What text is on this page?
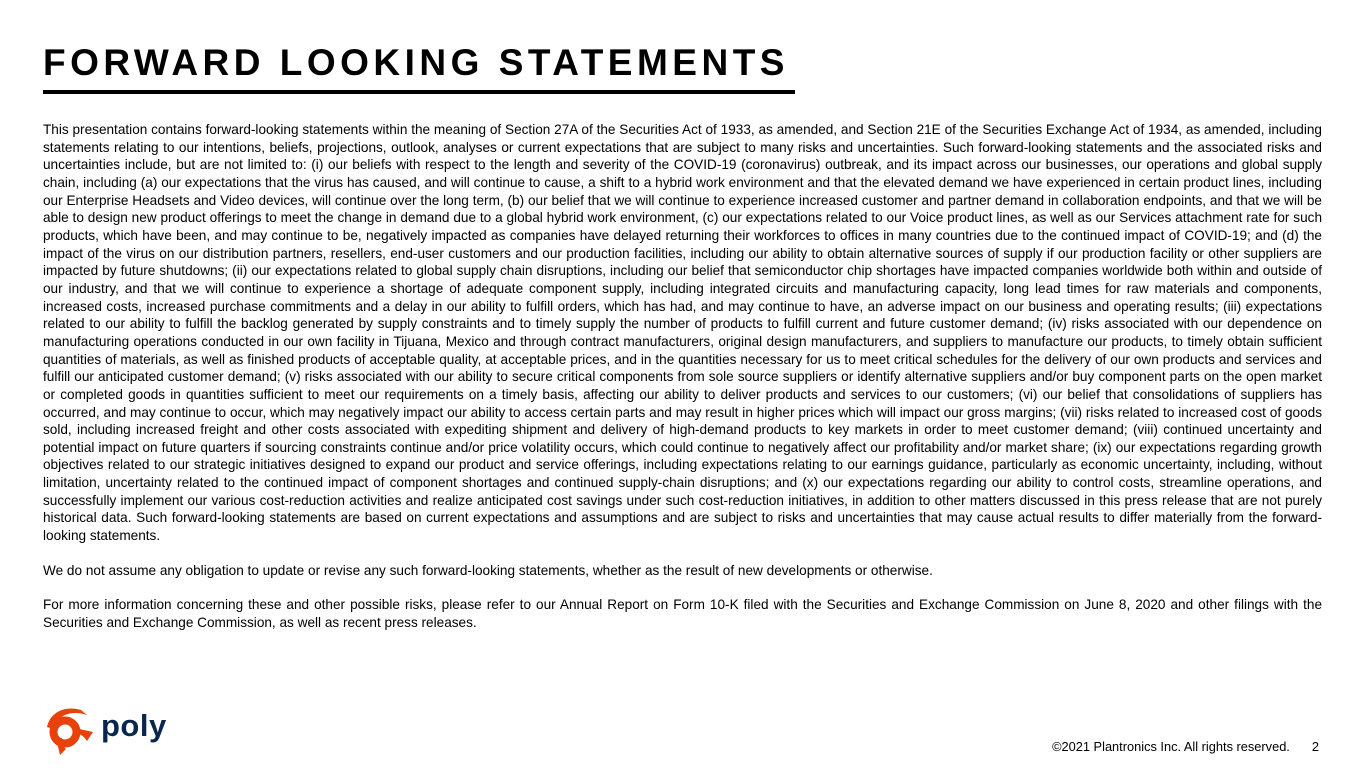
FORWARD LOOKING STATEMENTS

This presentation contains forward-looking statements within the meaning of Section 27A of the Securities Act of 1933, as amended, and Section 21E of the Securities Exchange Act of 1934, as amended, including statements relating to our intentions, beliefs, projections, outlook, analyses or current expectations that are subject to many risks and uncertainties. Such forward-looking statements and the associated risks and uncertainties include, but are not limited to: (i) our beliefs with respect to the length and severity of the COVID-19 (coronavirus) outbreak, and its impact across our businesses, our operations and global supply chain, including (a) our expectations that the virus has caused, and will continue to cause, a shift to a hybrid work environment and that the elevated demand we have experienced in certain product lines, including our Enterprise Headsets and Video devices, will continue over the long term, (b) our belief that we will continue to experience increased customer and partner demand in collaboration endpoints, and that we will be able to design new product offerings to meet the change in demand due to a global hybrid work environment, (c) our expectations related to our Voice product lines, as well as our Services attachment rate for such products, which have been, and may continue to be, negatively impacted as companies have delayed returning their workforces to offices in many countries due to the continued impact of COVID-19; and (d) the impact of the virus on our distribution partners, resellers, end-user customers and our production facilities, including our ability to obtain alternative sources of supply if our production facility or other suppliers are impacted by future shutdowns; (ii) our expectations related to global supply chain disruptions, including our belief that semiconductor chip shortages have impacted companies worldwide both within and outside of our industry, and that we will continue to experience a shortage of adequate component supply, including integrated circuits and manufacturing capacity, long lead times for raw materials and components, increased costs, increased purchase commitments and a delay in our ability to fulfill orders, which has had, and may continue to have, an adverse impact on our business and operating results; (iii) expectations related to our ability to fulfill the backlog generated by supply constraints and to timely supply the number of products to fulfill current and future customer demand; (iv) risks associated with our dependence on manufacturing operations conducted in our own facility in Tijuana, Mexico and through contract manufacturers, original design manufacturers, and suppliers to manufacture our products, to timely obtain sufficient quantities of materials, as well as finished products of acceptable quality, at acceptable prices, and in the quantities necessary for us to meet critical schedules for the delivery of our own products and services and fulfill our anticipated customer demand; (v) risks associated with our ability to secure critical components from sole source suppliers or identify alternative suppliers and/or buy component parts on the open market or completed goods in quantities sufficient to meet our requirements on a timely basis, affecting our ability to deliver products and services to our customers; (vi) our belief that consolidations of suppliers has occurred, and may continue to occur, which may negatively impact our ability to access certain parts and may result in higher prices which will impact our gross margins; (vii) risks related to increased cost of goods sold, including increased freight and other costs associated with expediting shipment and delivery of high-demand products to key markets in order to meet customer demand; (viii) continued uncertainty and potential impact on future quarters if sourcing constraints continue and/or price volatility occurs, which could continue to negatively affect our profitability and/or market share; (ix) our expectations regarding growth objectives related to our strategic initiatives designed to expand our product and service offerings, including expectations relating to our earnings guidance, particularly as economic uncertainty, including, without limitation, uncertainty related to the continued impact of component shortages and continued supply-chain disruptions; and (x) our expectations regarding our ability to control costs, streamline operations, and successfully implement our various cost-reduction activities and realize anticipated cost savings under such cost-reduction initiatives, in addition to other matters discussed in this press release that are not purely historical data. Such forward-looking statements are based on current expectations and assumptions and are subject to risks and uncertainties that may cause actual results to differ materially from the forward-looking statements.

We do not assume any obligation to update or revise any such forward-looking statements, whether as the result of new developments or otherwise.

For more information concerning these and other possible risks, please refer to our Annual Report on Form 10-K filed with the Securities and Exchange Commission on June 8, 2020 and other filings with the Securities and Exchange Commission, as well as recent press releases.

poly
©2021 Plantronics Inc. All rights reserved. 2
